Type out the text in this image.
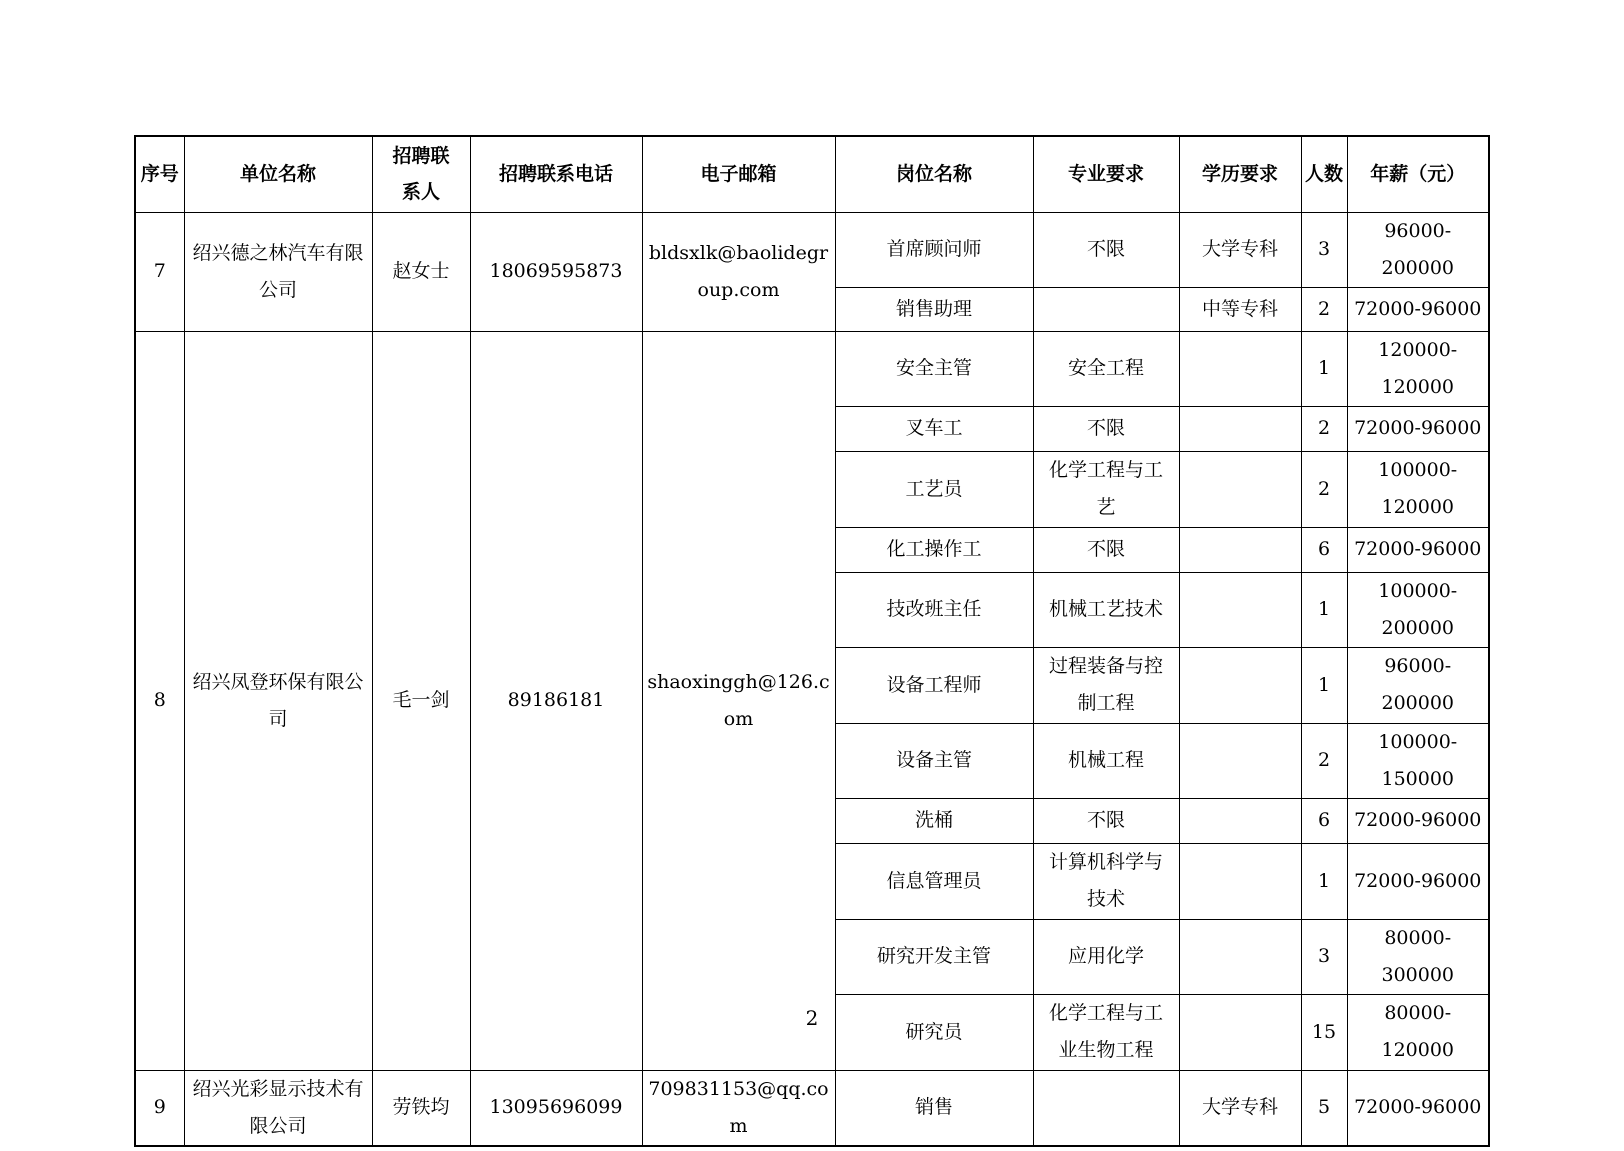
序号	单位名称	招聘联系人	招聘联系电话	电子邮箱	岗位名称	专业要求	学历要求	人数	年薪（元）
7	绍兴德之林汽车有限公司	赵女士	18069595873	bldsxlk@baolidegroup.com	首席顾问师	不限	大学专科	3	96000-200000
					销售助理		中等专科	2	72000-96000
8	绍兴凤登环保有限公司	毛一剑	89186181	shaoxinggh@126.com	安全主管	安全工程		1	120000-120000
					叉车工	不限		2	72000-96000
					工艺员	化学工程与工艺		2	100000-120000
					化工操作工	不限		6	72000-96000
					技改班主任	机械工艺技术		1	100000-200000
					设备工程师	过程装备与控制工程		1	96000-200000
					设备主管	机械工程		2	100000-150000
					洗桶	不限		6	72000-96000
					信息管理员	计算机科学与技术		1	72000-96000
					研究开发主管	应用化学		3	80000-300000
					研究员	化学工程与工业生物工程		15	80000-120000
9	绍兴光彩显示技术有限公司	劳铁均	13095696099	709831153@qq.com	销售		大学专科	5	72000-96000
2
